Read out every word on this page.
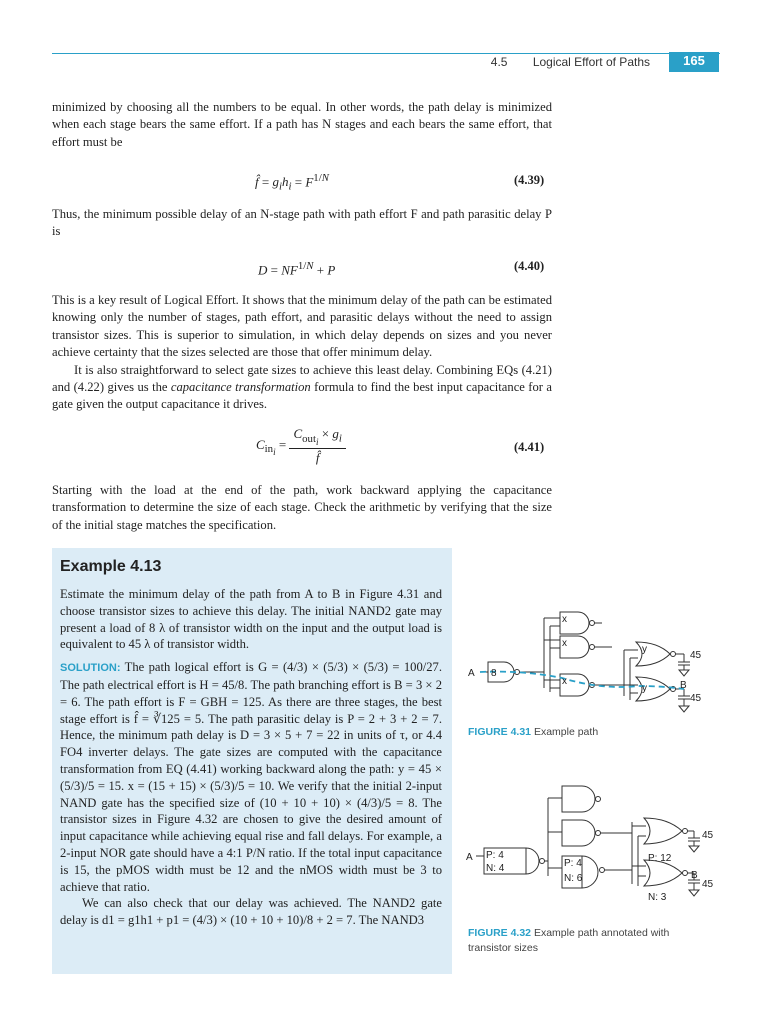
4.5 Logical Effort of Paths	165

minimized by choosing all the numbers to be equal. In other words, the path delay is minimized when each stage bears the same effort. If a path has N stages and each bears the same effort, that effort must be

f̂ = $g_ih_i = F^{1/N}$	(4.39)

Thus, the minimum possible delay of an N-stage path with path effort F and path parasitic delay P is

$D = NF^{1/N} + P$	(4.40)

This is a key result of Logical Effort. It shows that the minimum delay of the path can be estimated knowing only the number of stages, path effort, and parasitic delays without the need to assign transistor sizes. This is superior to simulation, in which delay depends on sizes and you never achieve certainty that the sizes selected are those that offer minimum delay.

It is also straightforward to select gate sizes to achieve this least delay. Combining EQs (4.21) and (4.22) gives us the capacitance transformation formula to find the best input capacitance for a gate given the output capacitance it drives.

$C_{in_i} = \frac{C_{out_i} \times g_i}{f̂}$	(4.41)

Starting with the load at the end of the path, work backward applying the capacitance transformation to determine the size of each stage. Check the arithmetic by verifying that the size of the initial stage matches the specification.

Example 4.13

Estimate the minimum delay of the path from A to B in Figure 4.31 and choose transistor sizes to achieve this delay. The initial NAND2 gate may present a load of 8 λ of transistor width on the input and the output load is equivalent to 45 λ of transistor width.

SOLUTION: The path logical effort is G = (4/3) × (5/3) × (5/3) = 100/27. The path electrical effort is H = 45/8. The path branching effort is B = 3 × 2 = 6. The path effort is F = GBH = 125. As there are three stages, the best stage effort is f̂ = ∛125 = 5. The path parasitic delay is P = 2 + 3 + 2 = 7. Hence, the minimum path delay is D = 3 × 5 + 7 = 22 in units of τ, or 4.4 FO4 inverter delays. The gate sizes are computed with the capacitance transformation from EQ (4.41) working backward along the path: y = 45 × (5/3)/5 = 15. x = (15 + 15) × (5/3)/5 = 10. We verify that the initial 2-input NAND gate has the specified size of (10 + 10 + 10) × (4/3)/5 = 8. The transistor sizes in Figure 4.32 are chosen to give the desired amount of input capacitance while achieving equal rise and fall delays. For example, a 2-input NOR gate should have a 4:1 P/N ratio. If the total input capacitance is 15, the pMOS width must be 12 and the nMOS width must be 3 to achieve that ratio.

We can also check that our delay was achieved. The NAND2 gate delay is d1 = g1h1 + p1 = (4/3) × (10 + 10 + 10)/8 + 2 = 7. The NAND3

A 8
x
x
x
y
y	B
45
45
FIGURE 4.31 Example path
A P: 4
N: 4	P: 4
N: 6
P: 12
N: 3
B
45
45
FIGURE 4.32 Example path annotated with transistor sizes
